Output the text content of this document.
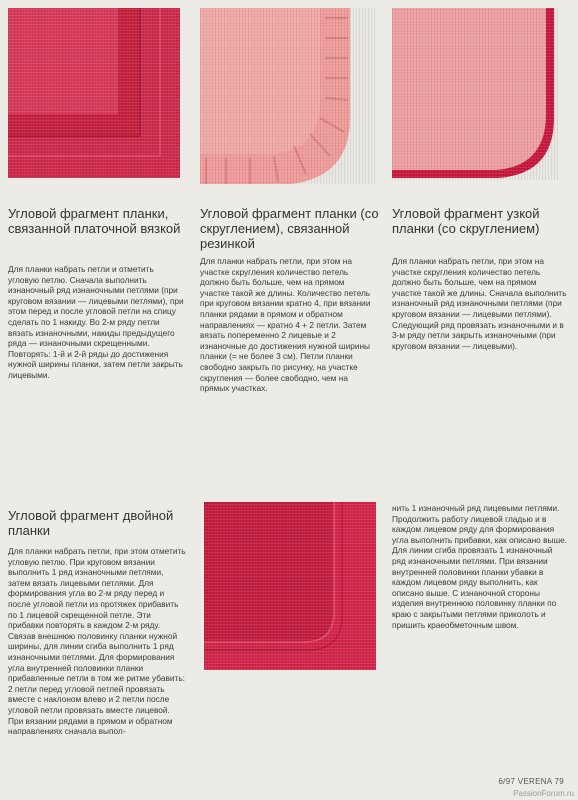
Угловой фрагмент планки, связанной платочной вязкой

Для планки набрать петли и отметить угловую петлю. Сначала выполнить изнаночный ряд изнаночными петлями (при круговом вязании — лицевыми петлями), при этом перед и после угловой петли на спицу сделать по 1 накиду. Во 2-м ряду петли вязать изнаночными, накиды предыдущего ряда — изнаночными скрещенными. Повторять: 1-й и 2-й ряды до достижения нужной ширины планки, затем петли закрыть лицевыми.

Угловой фрагмент планки (со скруглением), связанной резинкой

Для планки набрать петли, при этом на участке скругления количество петель должно быть больше, чем на прямом участке такой же длины. Количество петель при круговом вязании кратно 4, при вязании планки рядами в прямом и обратном направлениях — кратно 4 + 2 петли. Затем вязать попеременно 2 лицевые и 2 изнаночные до достижения нужной ширины планки (= не более 3 см). Петли планки свободно закрыть по рисунку, на участке скругления — более свободно, чем на прямых участках.

Угловой фрагмент узкой планки (со скруглением)

Для планки набрать петли, при этом на участке скругления количество петель должно быть больше, чем на прямом участке такой же длины. Сначала выполнить изнаночный ряд изнаночными петлями (при круговом вязании — лицевыми петлями). Следующий ряд провязать изнаночными и в 3-м ряду петли закрыть изнаночными (при круговом вязании — лицевыми).

Угловой фрагмент двойной планки

Для планки набрать петли, при этом отметить угловую петлю. При круговом вязании выполнить 1 ряд изнаночными петлями, затем вязать лицевыми петлями. Для формирования угла во 2-м ряду перед и после угловой петли из протяжек прибавить по 1 лицевой скрещенной петле. Эти прибавки повторять в каждом 2-м ряду. Связав внешнюю половинку планки нужной ширины, для линии сгиба выполнить 1 ряд изнаночными петлями. Для формирования угла внутренней половинки планки прибавленные петли в том же ритме убавить: 2 петли перед угловой петлей провязать вместе с наклоном влево и 2 петли после угловой петли провязать вместе лицевой. При вязании рядами в прямом и обратном направлениях сначала выпол-

нить 1 изнаночный ряд лицевыми петлями. Продолжить работу лицевой гладью и в каждом лицевом ряду для формирования угла выполнить прибавки, как описано выше. Для линии сгиба провязать 1 изнаночный ряд изнаночными петлями. При вязании внутренней половинки планки убавки в каждом лицевом ряду выполнить, как описано выше. С изнаночной стороны изделия внутреннюю половинку планки по краю с закрытыми петлями приколоть и пришить краеобметочным швом.

6/97 VERENA 79
PassionForum.ru
